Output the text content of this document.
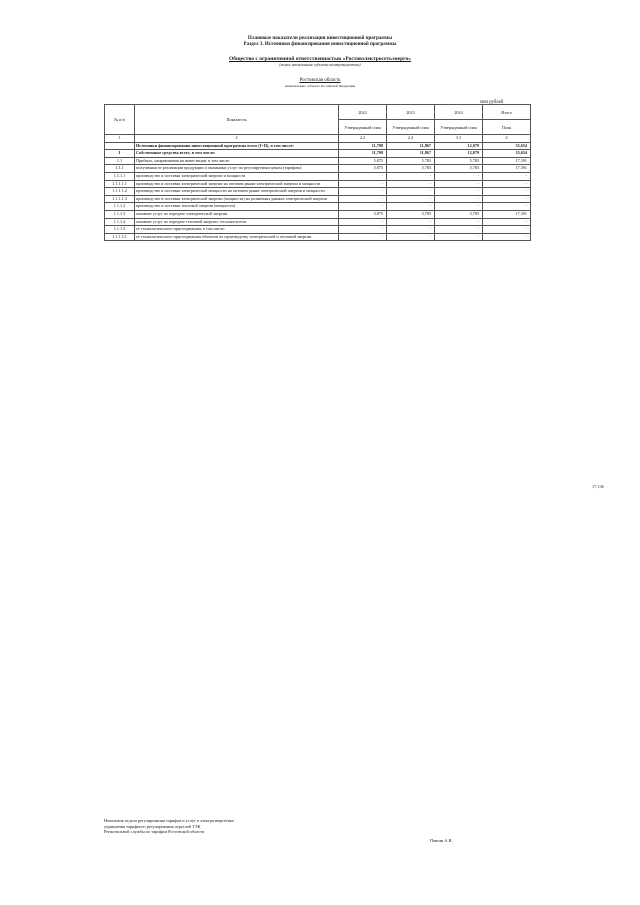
Плановые показатели реализации инвестиционной программы
Раздел 3. Источники финансирования инвестиционной программы
Общество с ограниченной ответственностью «Ростовэлектросетьэнерго»
(полное наименование субъекта электроэнергетики)
Ростовская область
наименование субъекта Российской Федерации
млн рублей
№ п/п	Показатель	2022	2023	2024	Итого
		Утвержденный план	Утвержденный план	Утвержденный план	План
1	2	2.2	2.4	3.3	4
	Источники финансирования инвестиционной программы всего (I+II), в том числе:	11,708	11,867	12,079	35,654
I	Собственные средства всего, в том числе:	11,708	11,867	12,079	35,654
1.1	Прибыль, направляемая на инвестиции, в том числе:	5,875	5,783	5,783	17,391
1.1.1	полученная от реализации продукции и оказанных услуг по регулируемым ценам (тарифам):	5,875	5,783	5,783	17,391
1.1.1.1	производство и поставка электрической энергии и мощности	-	-	-	-
1.1.1.1.1	производство и поставка электрической энергии на оптовом рынке электрической энергии и мощности	-	-	-	-
1.1.1.1.2	производство и поставка электрической мощности на оптовом рынке электрической энергии и мощности	-	-	-	-
1.1.1.1.3	производство и поставка электрической энергии (мощности) на розничных рынках электрической энергии	-	-	-	-
1.1.1.2	производство и поставка тепловой энергии (мощности)	-	-	-	-
1.1.1.3	оказание услуг по передаче электрической энергии	5,875	5,783	5,783	17,391
1.1.1.4	оказание услуг по передаче тепловой энергии, теплоносителя	-	-	-	-
1.1.1.5	от технологического присоединения, в том числе:	-	-	-	-
1.1.1.5.1	от технологического присоединения объектов по производству электрической и тепловой энергии	-	-	-	-
17,136
Начальник отдела регулирования тарифов и услуг в электроэнергетике
управления тарифного регулирования отраслей ТЭК
Региональной службы по тарифам Ростовской области
Панова А.В.
